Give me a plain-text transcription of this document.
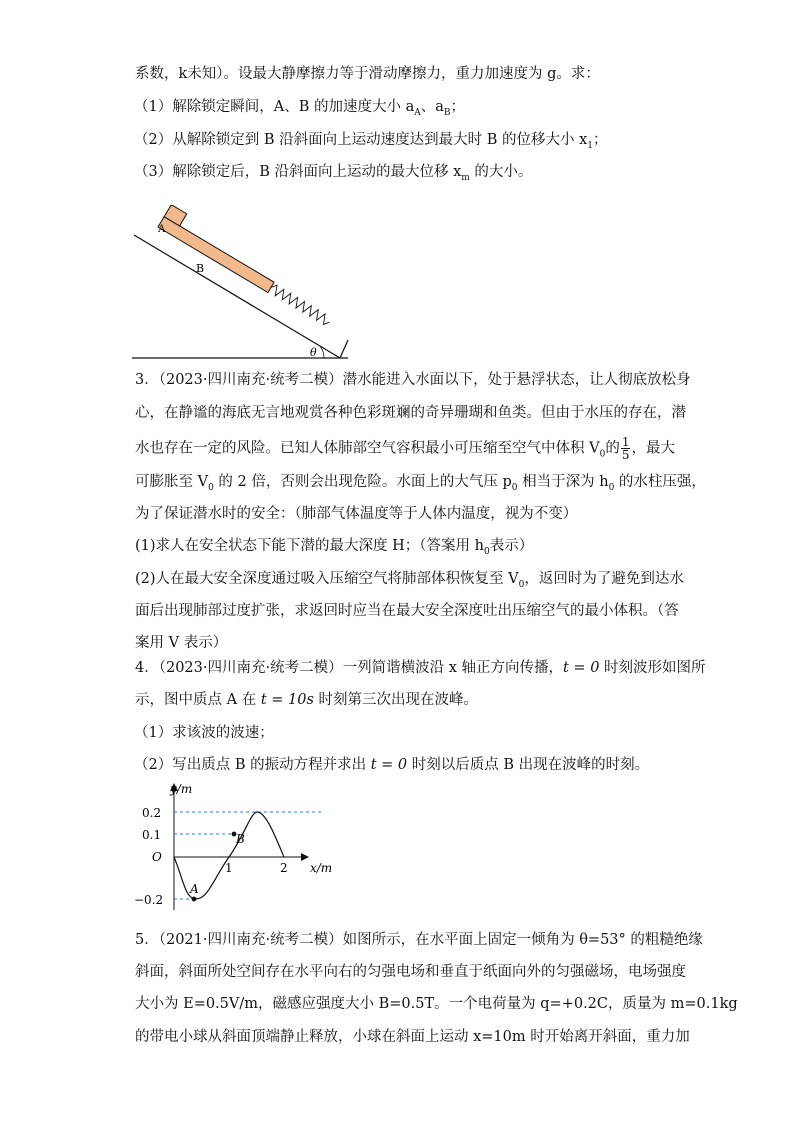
系数，k未知）。设最大静摩擦力等于滑动摩擦力，重力加速度为 g。求：
（1）解除锁定瞬间，A、B 的加速度大小 $a_A$、$a_B$；
（2）从解除锁定到 B 沿斜面向上运动速度达到最大时 B 的位移大小 $x_1$；
（3）解除锁定后，B 沿斜面向上运动的最大位移 $x_m$ 的大小。
A
B
θ
3．（2023·四川南充·统考二模）潜水能进入水面以下，处于悬浮状态，让人彻底放松身
心，在静谧的海底无言地观赏各种色彩斑斓的奇异珊瑚和鱼类。但由于水压的存在，潜
水也存在一定的风险。已知人体肺部空气容积最小可压缩至空气中体积 $V_0$的 $\frac{1}{5}$ ，最大
可膨胀至 $V_0$ 的 2 倍，否则会出现危险。水面上的大气压 $p_0$ 相当于深为 $h_0$ 的水柱压强，
为了保证潜水时的安全：（肺部气体温度等于人体内温度，视为不变）
(1)求人在安全状态下能下潜的最大深度 H；（答案用 $h_0$表示）
(2)人在最大安全深度通过吸入压缩空气将肺部体积恢复至 $V_0$，返回时为了避免到达水
面后出现肺部过度扩张，求返回时应当在最大安全深度吐出压缩空气的最小体积。（答
案用 V 表示）
4．（2023·四川南充·统考二模）一列简谐横波沿 x 轴正方向传播，t = 0 时刻波形如图所
示，图中质点 A 在 t = 10s 时刻第三次出现在波峰。
（1）求该波的波速；
（2）写出质点 B 的振动方程并求出 t = 0 时刻以后质点 B 出现在波峰的时刻。
y/m
x/m
0.2
0.1
O
−0.2
1	2
A
B
5．（2021·四川南充·统考二模）如图所示，在水平面上固定一倾角为 θ=53° 的粗糙绝缘
斜面，斜面所处空间存在水平向右的匀强电场和垂直于纸面向外的匀强磁场，电场强度
大小为 E=0.5V/m，磁感应强度大小 B=0.5T。一个电荷量为 q=+0.2C，质量为 m=0.1kg
的带电小球从斜面顶端静止释放，小球在斜面上运动 x=10m 时开始离开斜面，重力加
